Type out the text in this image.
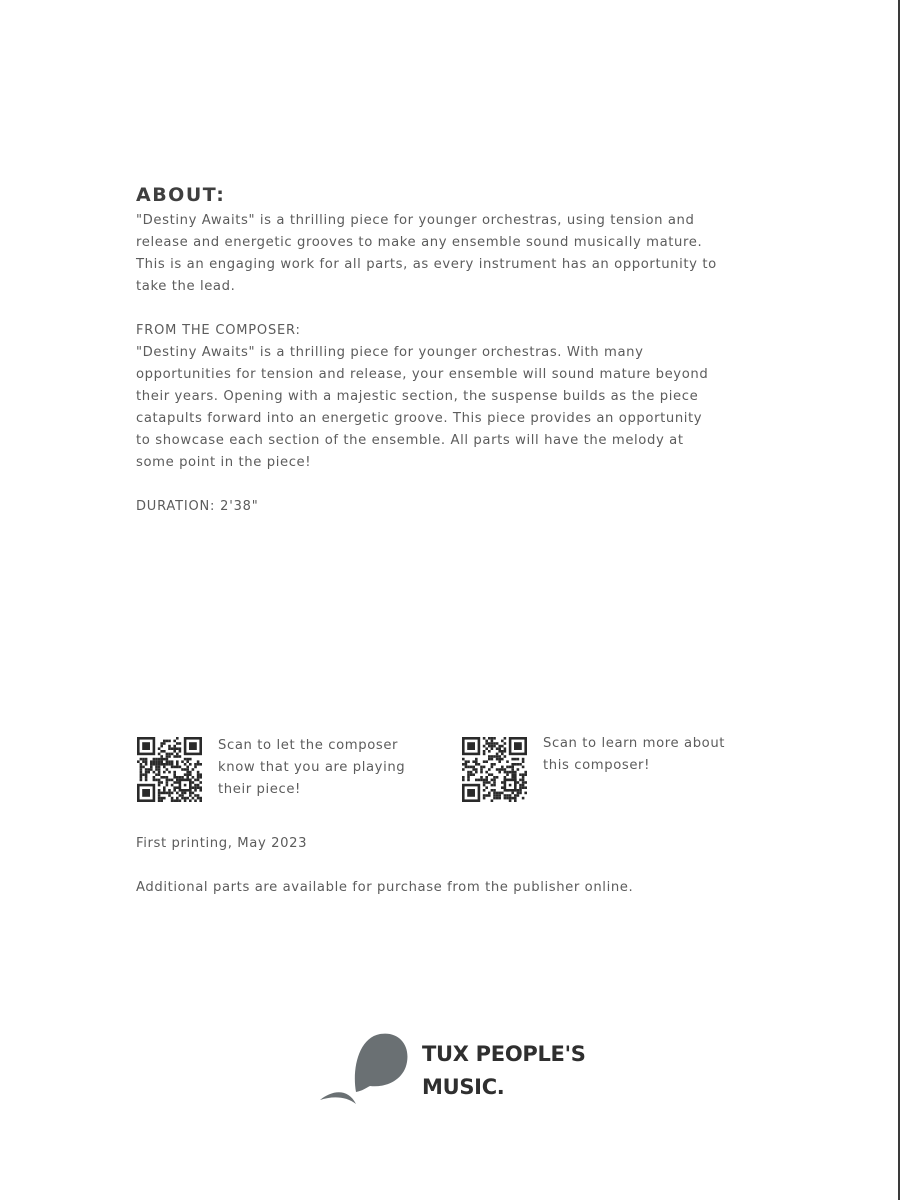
ABOUT:

"Destiny Awaits" is a thrilling piece for younger orchestras, using tension and

release and energetic grooves to make any ensemble sound musically mature.

This is an engaging work for all parts, as every instrument has an opportunity to

take the lead.

FROM THE COMPOSER:

"Destiny Awaits" is a thrilling piece for younger orchestras. With many

opportunities for tension and release, your ensemble will sound mature beyond

their years. Opening with a majestic section, the suspense builds as the piece

catapults forward into an energetic groove. This piece provides an opportunity

to showcase each section of the ensemble. All parts will have the melody at

some point in the piece!

DURATION: 2'38"

Scan to let the composer
know that you are playing
their piece!
Scan to learn more about
this composer!
First printing, May 2023
Additional parts are available for purchase from the publisher online.
TUX PEOPLE'S
MUSIC.
